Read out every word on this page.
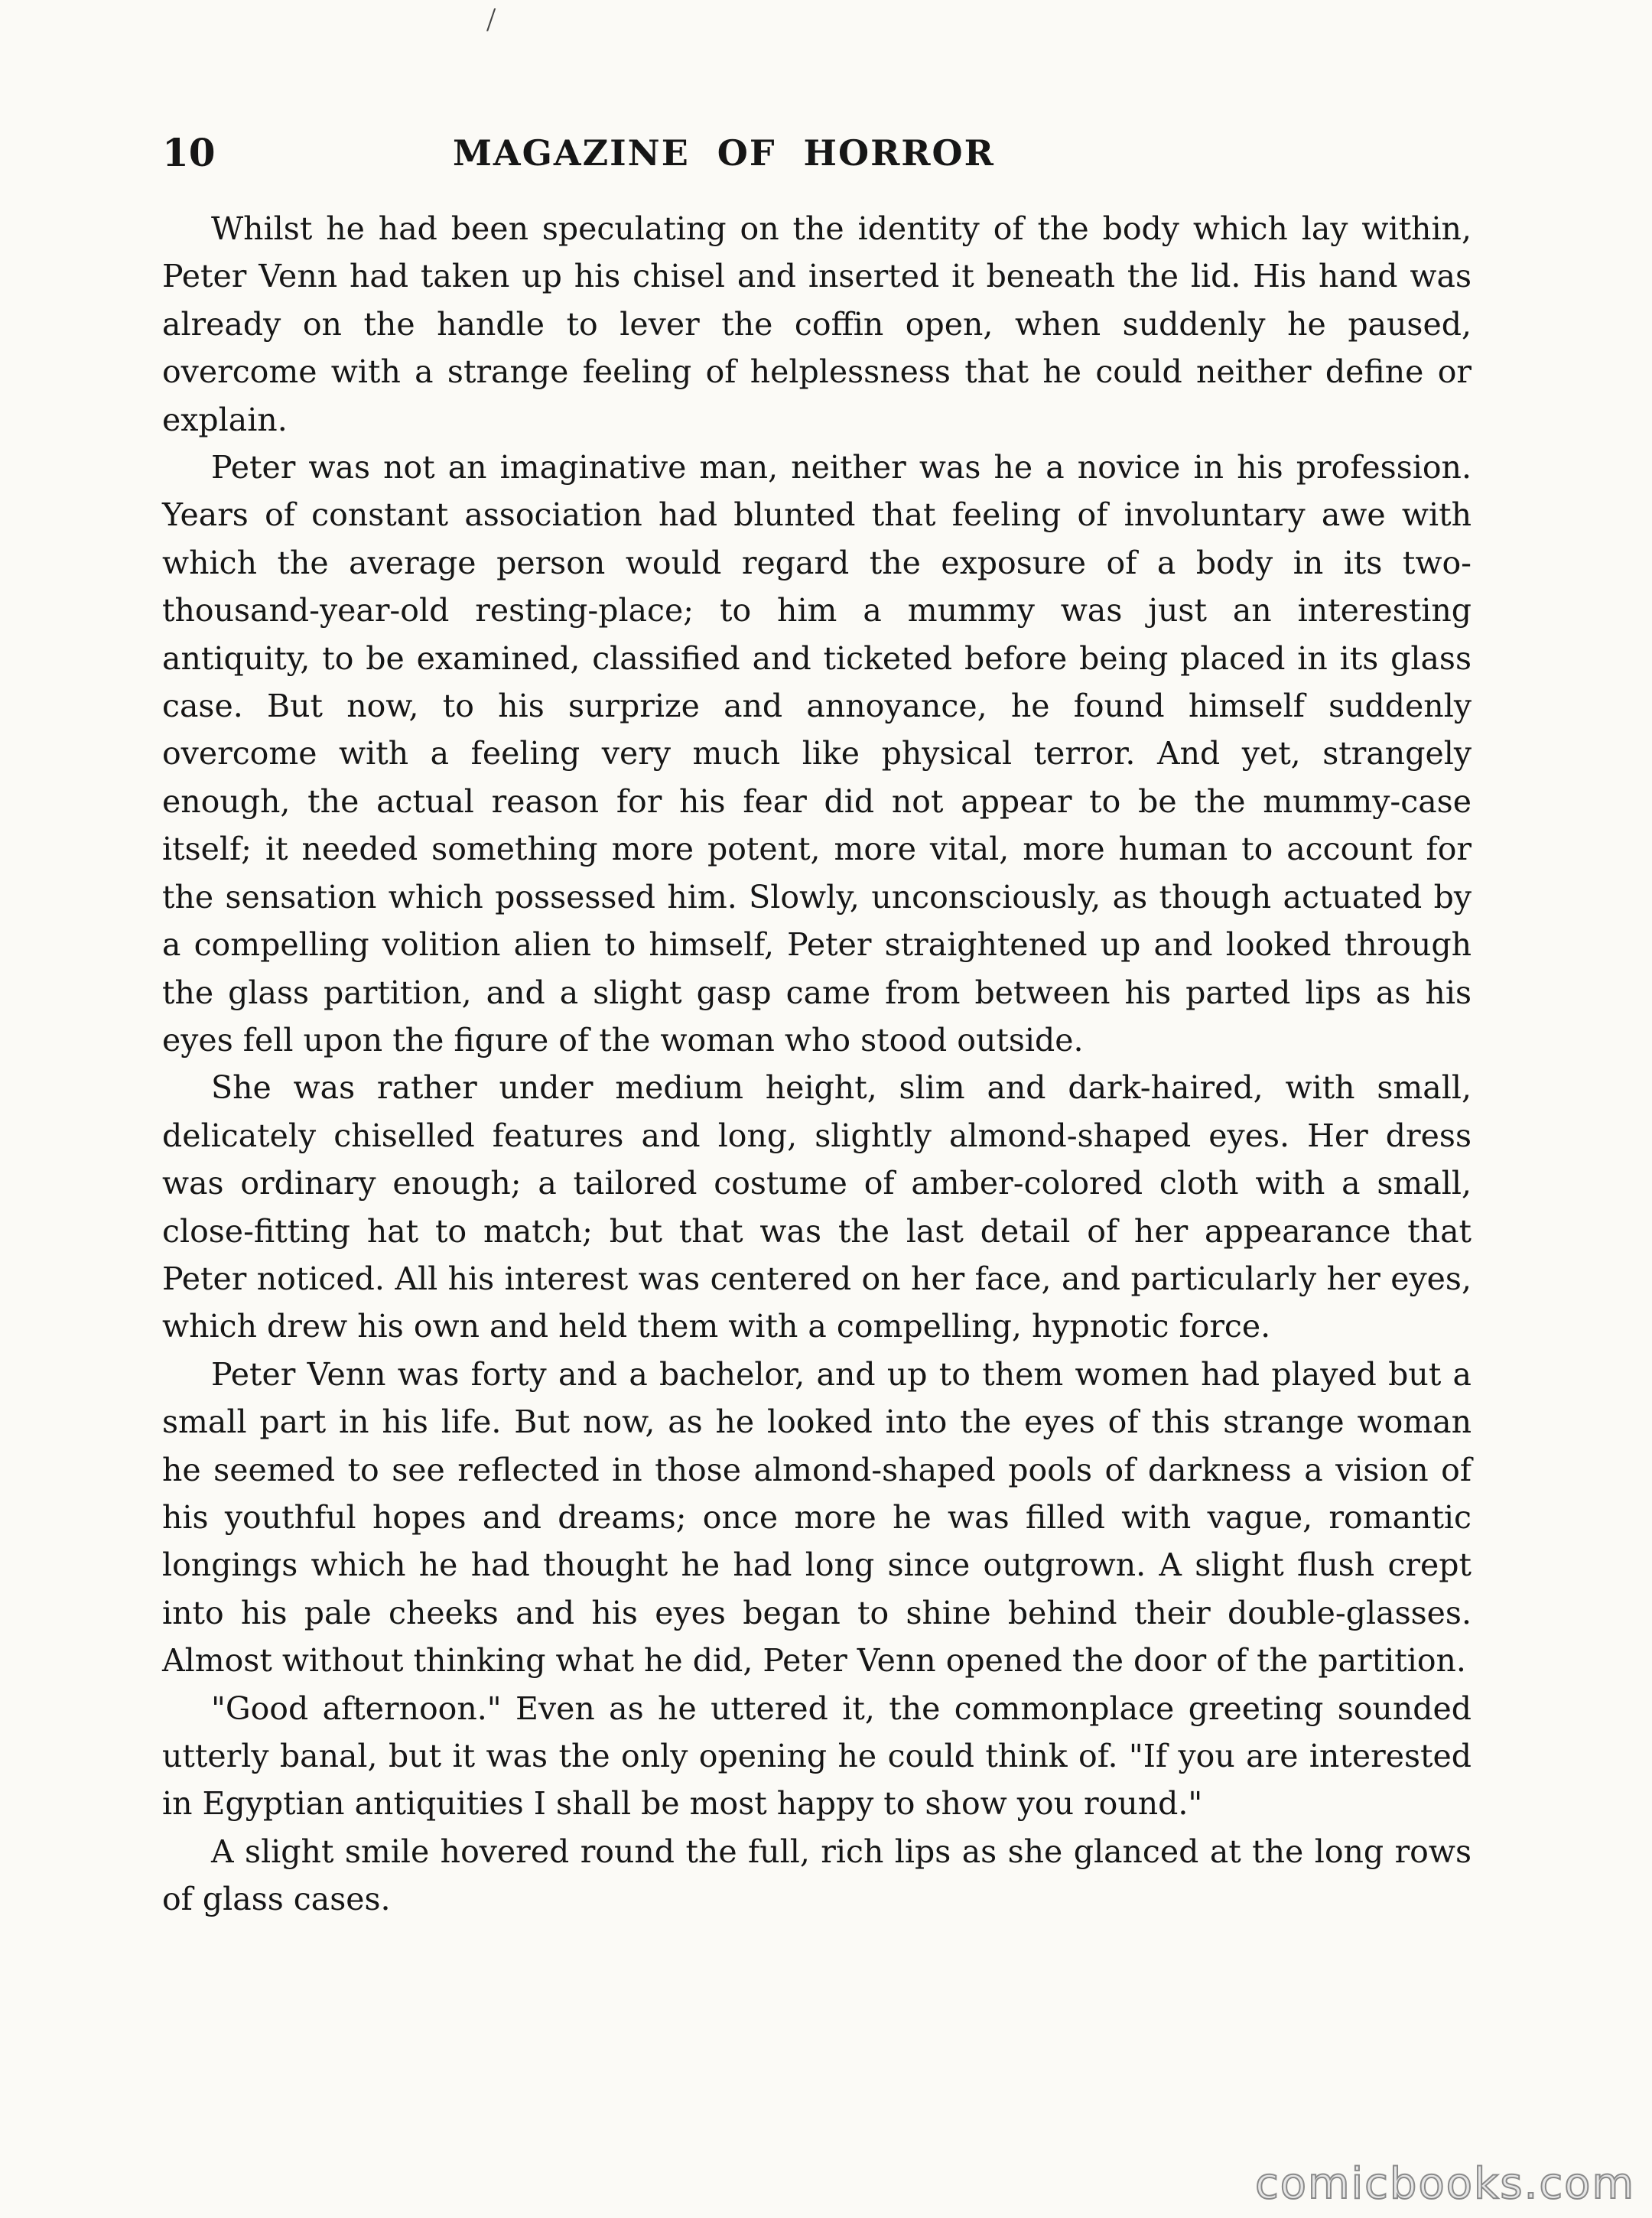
/
10	MAGAZINE OF HORROR

Whilst he had been speculating on the identity of the body which lay within, Peter Venn had taken up his chisel and inserted it beneath the lid. His hand was already on the handle to lever the coffin open, when suddenly he paused, overcome with a strange feeling of helplessness that he could neither define or explain.

Peter was not an imaginative man, neither was he a novice in his profession. Years of constant association had blunted that feeling of involuntary awe with which the average person would regard the exposure of a body in its two-thousand-year-old resting-place; to him a mummy was just an interesting antiquity, to be examined, classified and ticketed before being placed in its glass case. But now, to his surprize and annoyance, he found himself suddenly overcome with a feeling very much like physical terror. And yet, strangely enough, the actual reason for his fear did not appear to be the mummy-case itself; it needed something more potent, more vital, more human to account for the sensation which possessed him. Slowly, unconsciously, as though actuated by a compelling volition alien to himself, Peter straightened up and looked through the glass partition, and a slight gasp came from between his parted lips as his eyes fell upon the figure of the woman who stood outside.

She was rather under medium height, slim and dark-haired, with small, delicately chiselled features and long, slightly almond-shaped eyes. Her dress was ordinary enough; a tailored costume of amber-colored cloth with a small, close-fitting hat to match; but that was the last detail of her appearance that Peter noticed. All his interest was centered on her face, and particularly her eyes, which drew his own and held them with a compelling, hypnotic force.

Peter Venn was forty and a bachelor, and up to them women had played but a small part in his life. But now, as he looked into the eyes of this strange woman he seemed to see reflected in those almond-shaped pools of darkness a vision of his youthful hopes and dreams; once more he was filled with vague, romantic longings which he had thought he had long since outgrown. A slight flush crept into his pale cheeks and his eyes began to shine behind their double-glasses. Almost without thinking what he did, Peter Venn opened the door of the partition.

"Good afternoon." Even as he uttered it, the commonplace greeting sounded utterly banal, but it was the only opening he could think of. "If you are interested in Egyptian antiquities I shall be most happy to show you round."

A slight smile hovered round the full, rich lips as she glanced at the long rows of glass cases.

comicbooks.com
